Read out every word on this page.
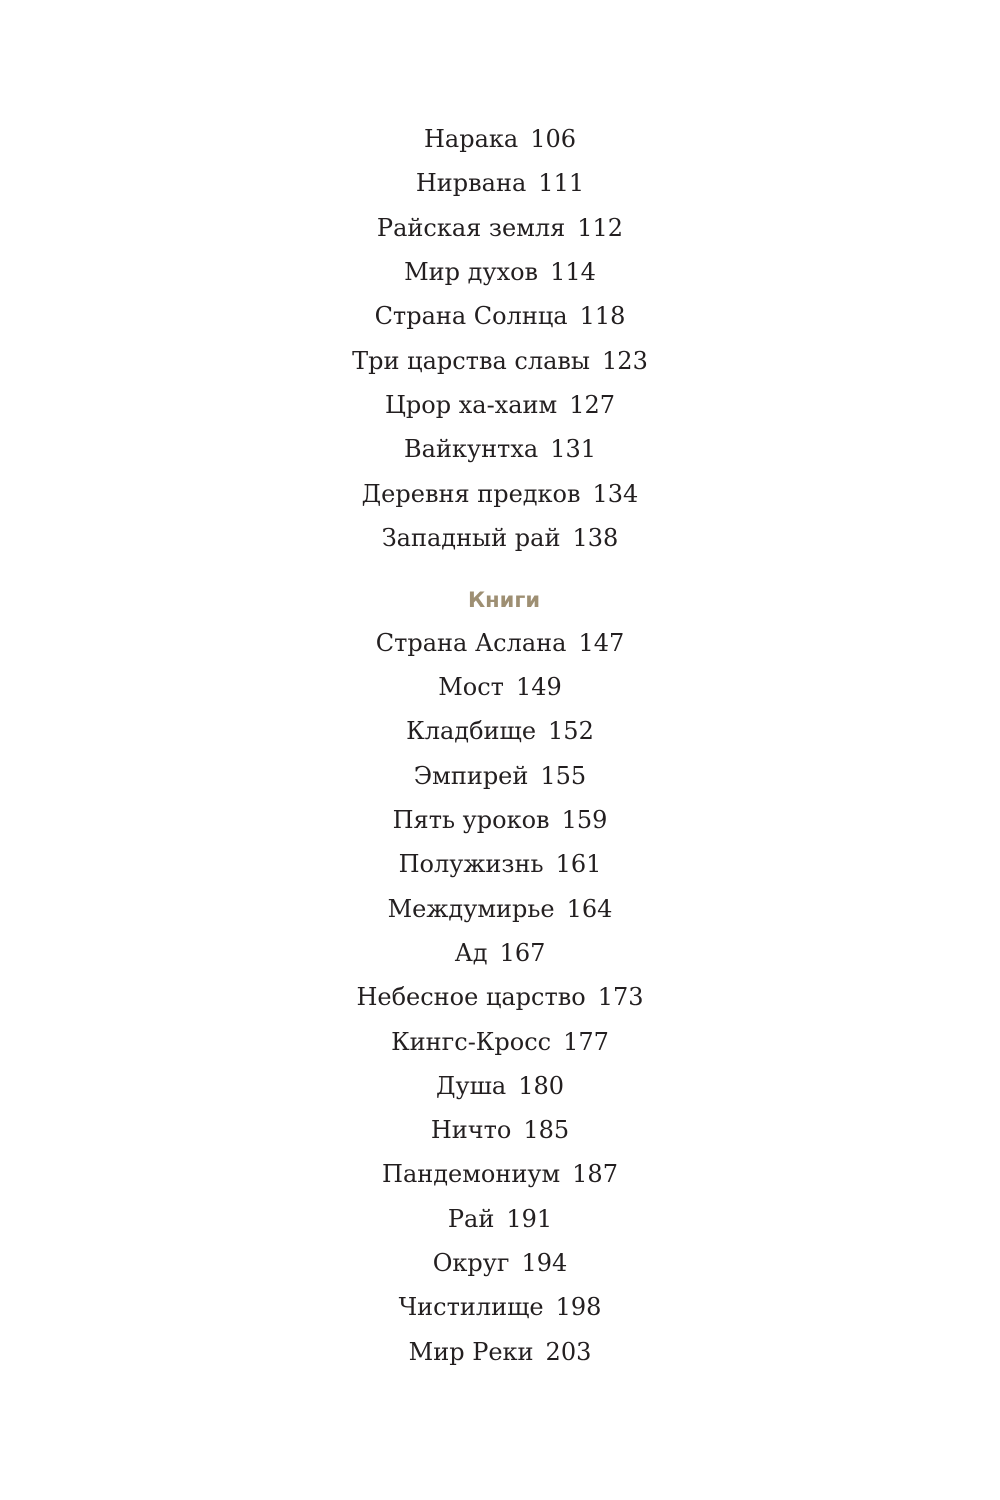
Нарака 106
Нирвана 111
Райская земля 112
Мир духов 114
Страна Солнца 118
Три царства славы 123
Црор ха-хаим 127
Вайкунтха 131
Деревня предков 134
Западный рай 138
Книги
Страна Аслана 147
Мост 149
Кладбище 152
Эмпирей 155
Пять уроков 159
Полужизнь 161
Междумирье 164
Ад 167
Небесное царство 173
Кингс-Кросс 177
Душа 180
Ничто 185
Пандемониум 187
Рай 191
Округ 194
Чистилище 198
Мир Реки 203
